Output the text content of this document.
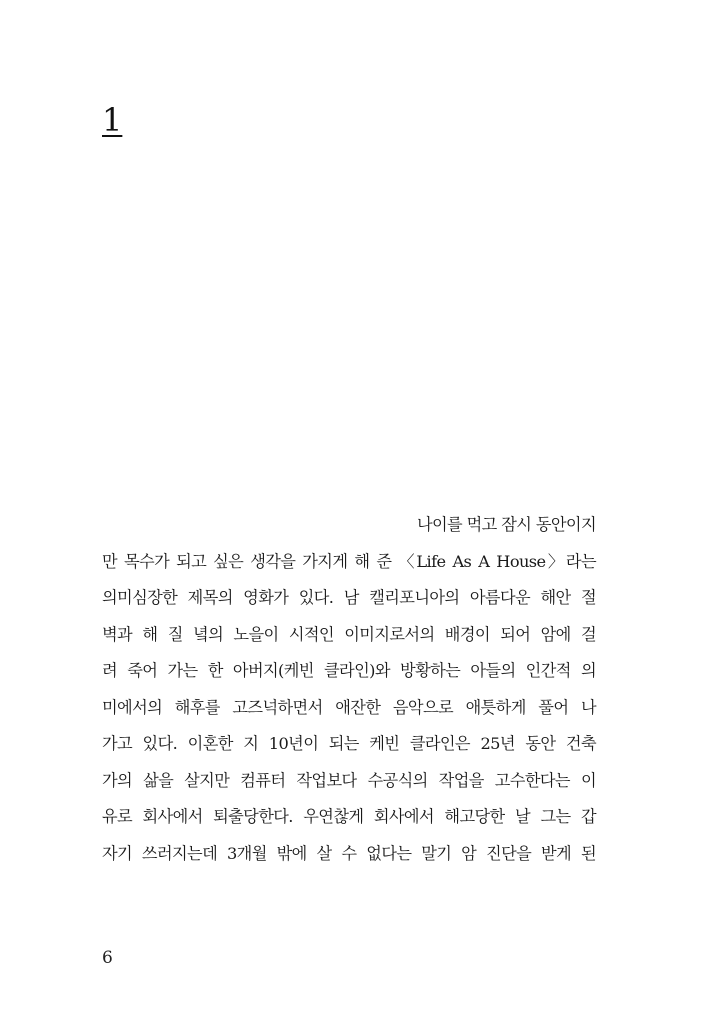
1
나이를 먹고 잠시 동안이지
만 목수가 되고 싶은 생각을 가지게 해 준 〈Life As A House〉라는
의미심장한 제목의 영화가 있다. 남 캘리포니아의 아름다운 해안 절
벽과 해 질 녘의 노을이 시적인 이미지로서의 배경이 되어 암에 걸
려 죽어 가는 한 아버지(케빈 클라인)와 방황하는 아들의 인간적 의
미에서의 해후를 고즈넉하면서 애잔한 음악으로 애틋하게 풀어 나
가고 있다. 이혼한 지 10년이 되는 케빈 클라인은 25년 동안 건축
가의 삶을 살지만 컴퓨터 작업보다 수공식의 작업을 고수한다는 이
유로 회사에서 퇴출당한다. 우연찮게 회사에서 해고당한 날 그는 갑
자기 쓰러지는데 3개월 밖에 살 수 없다는 말기 암 진단을 받게 된
6
